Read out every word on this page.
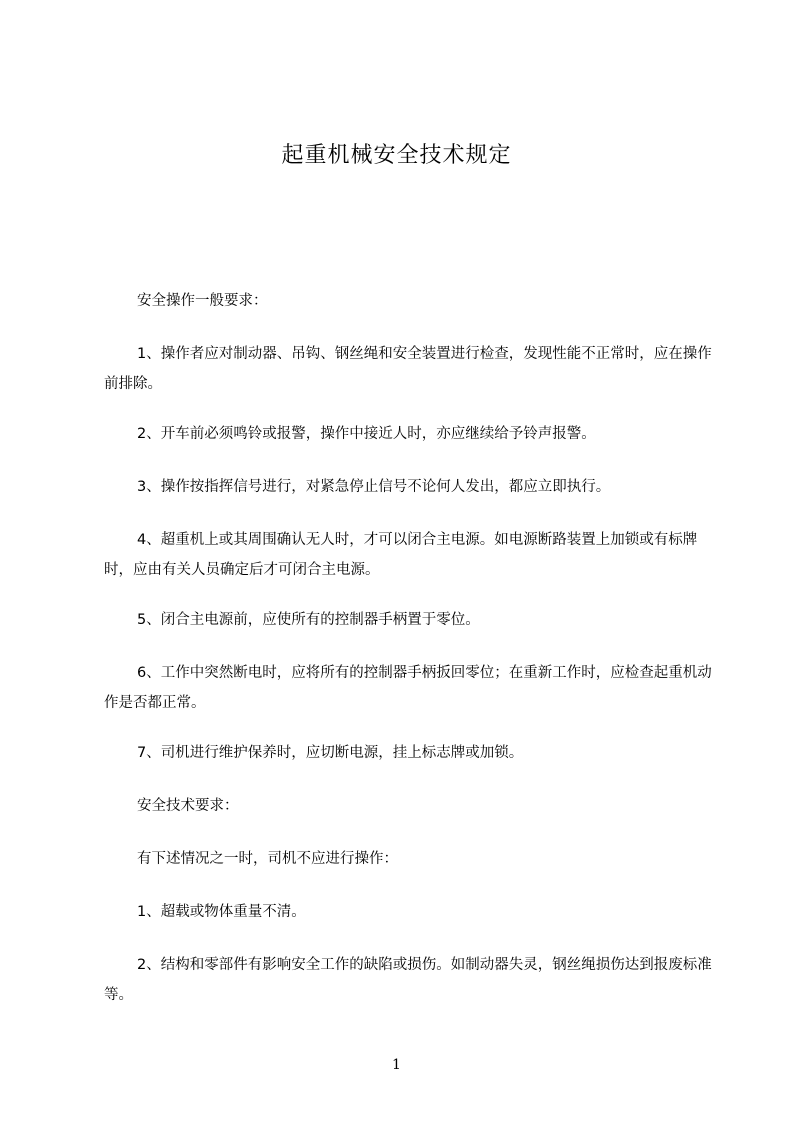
起重机械安全技术规定
安全操作一般要求：
1、操作者应对制动器、吊钩、钢丝绳和安全装置进行检查，发现性能不正常时，应在操作前排除。
2、开车前必须鸣铃或报警，操作中接近人时，亦应继续给予铃声报警。
3、操作按指挥信号进行，对紧急停止信号不论何人发出，都应立即执行。
4、超重机上或其周围确认无人时，才可以闭合主电源。如电源断路装置上加锁或有标牌时，应由有关人员确定后才可闭合主电源。
5、闭合主电源前，应使所有的控制器手柄置于零位。
6、工作中突然断电时，应将所有的控制器手柄扳回零位；在重新工作时，应检查起重机动作是否都正常。
7、司机进行维护保养时，应切断电源，挂上标志牌或加锁。
安全技术要求：
有下述情况之一时，司机不应进行操作：
1、超载或物体重量不清。
2、结构和零部件有影响安全工作的缺陷或损伤。如制动器失灵，钢丝绳损伤达到报废标准等。
1
